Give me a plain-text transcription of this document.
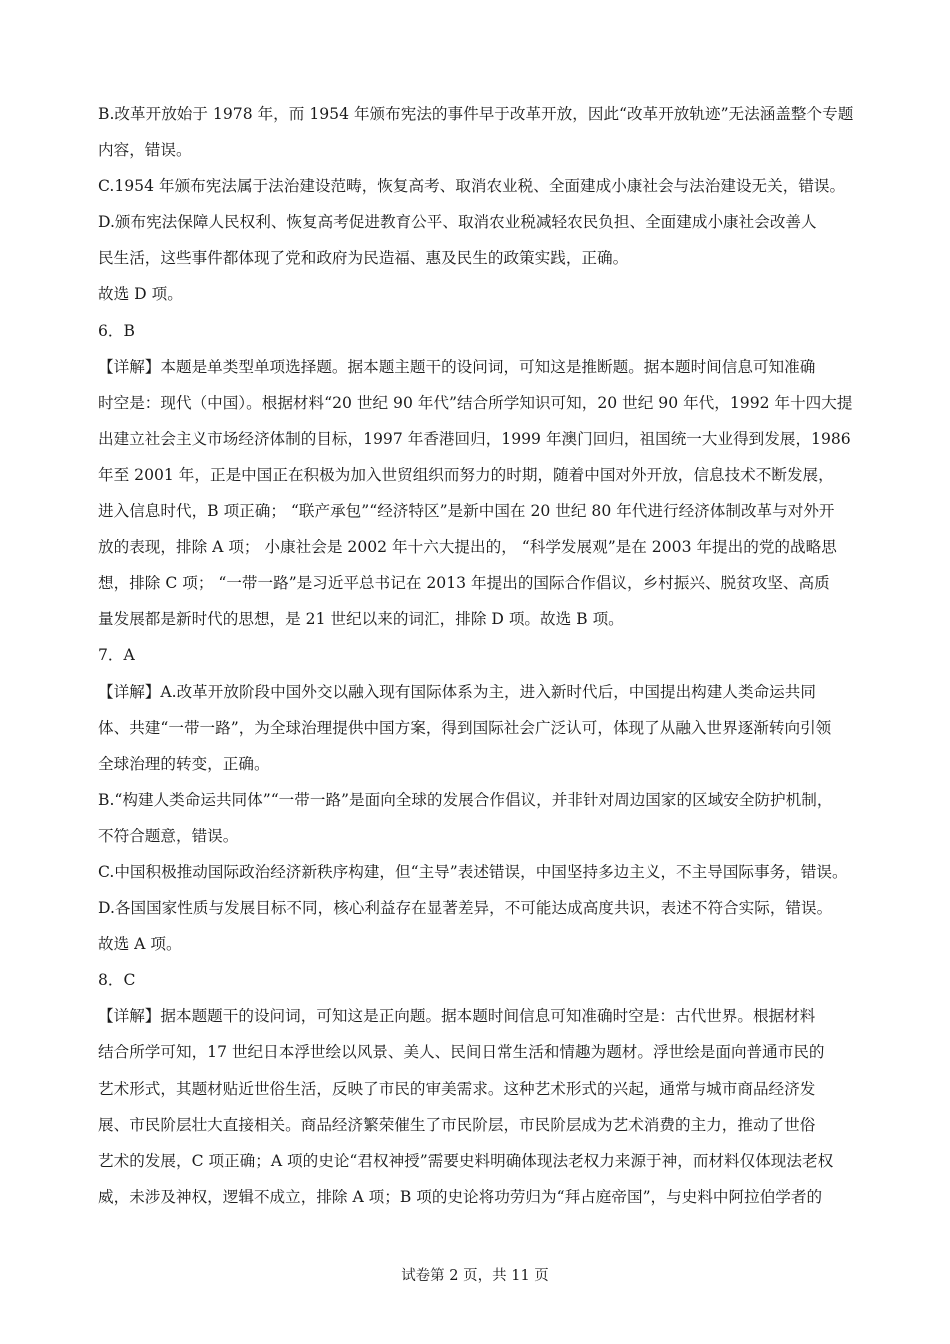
B.改革开放始于 1978 年，而 1954 年颁布宪法的事件早于改革开放，因此“改革开放轨迹”无法涵盖整个专题
内容，错误。
C.1954 年颁布宪法属于法治建设范畴，恢复高考、取消农业税、全面建成小康社会与法治建设无关，错误。
D.颁布宪法保障人民权利、恢复高考促进教育公平、取消农业税减轻农民负担、全面建成小康社会改善人
民生活，这些事件都体现了党和政府为民造福、惠及民生的政策实践，正确。
故选 D 项。
6．B
【详解】本题是单类型单项选择题。据本题主题干的设问词，可知这是推断题。据本题时间信息可知准确
时空是：现代（中国）。根据材料“20 世纪 90 年代”结合所学知识可知，20 世纪 90 年代，1992 年十四大提
出建立社会主义市场经济体制的目标，1997 年香港回归，1999 年澳门回归，祖国统一大业得到发展，1986
年至 2001 年，正是中国正在积极为加入世贸组织而努力的时期，随着中国对外开放，信息技术不断发展，
进入信息时代，B 项正确； “联产承包”“经济特区”是新中国在 20 世纪 80 年代进行经济体制改革与对外开
放的表现，排除 A 项； 小康社会是 2002 年十六大提出的， “科学发展观”是在 2003 年提出的党的战略思
想，排除 C 项； “一带一路”是习近平总书记在 2013 年提出的国际合作倡议，乡村振兴、脱贫攻坚、高质
量发展都是新时代的思想，是 21 世纪以来的词汇，排除 D 项。故选 B 项。
7．A
【详解】A.改革开放阶段中国外交以融入现有国际体系为主，进入新时代后，中国提出构建人类命运共同
体、共建“一带一路”，为全球治理提供中国方案，得到国际社会广泛认可，体现了从融入世界逐渐转向引领
全球治理的转变，正确。
B.“构建人类命运共同体”“一带一路”是面向全球的发展合作倡议，并非针对周边国家的区域安全防护机制，
不符合题意，错误。
C.中国积极推动国际政治经济新秩序构建，但“主导”表述错误，中国坚持多边主义，不主导国际事务，错误。
D.各国国家性质与发展目标不同，核心利益存在显著差异，不可能达成高度共识，表述不符合实际，错误。
故选 A 项。
8．C
【详解】据本题题干的设问词，可知这是正向题。据本题时间信息可知准确时空是：古代世界。根据材料
结合所学可知，17 世纪日本浮世绘以风景、美人、民间日常生活和情趣为题材。浮世绘是面向普通市民的
艺术形式，其题材贴近世俗生活，反映了市民的审美需求。这种艺术形式的兴起，通常与城市商品经济发
展、市民阶层壮大直接相关。商品经济繁荣催生了市民阶层，市民阶层成为艺术消费的主力，推动了世俗
艺术的发展，C 项正确；A 项的史论“君权神授”需要史料明确体现法老权力来源于神，而材料仅体现法老权
威，未涉及神权，逻辑不成立，排除 A 项；B 项的史论将功劳归为“拜占庭帝国”，与史料中阿拉伯学者的
试卷第 2 页，共 11 页
